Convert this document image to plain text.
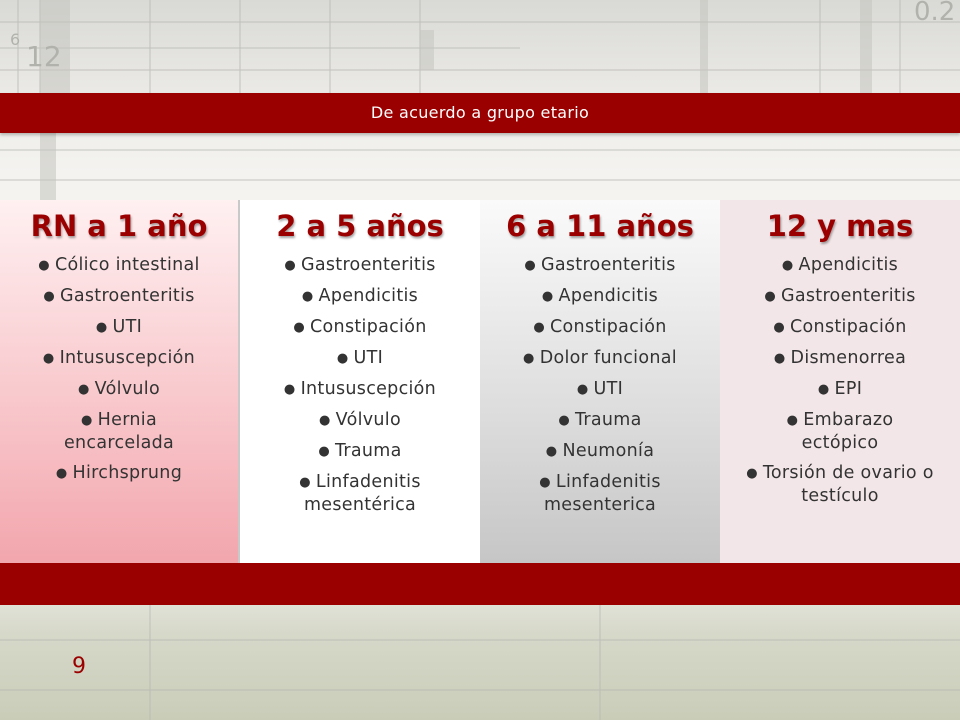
6
12
0.2
De acuerdo a grupo etario
RN a 1 año
● Cólico intestinal
● Gastroenteritis
● UTI
● Intususcepción
● Vólvulo
● Hernia encarcelada
● Hirchsprung
2 a 5 años
● Gastroenteritis
● Apendicitis
● Constipación
● UTI
● Intususcepción
● Vólvulo
● Trauma
● Linfadenitis mesentérica
6 a 11 años
● Gastroenteritis
● Apendicitis
● Constipación
● Dolor funcional
● UTI
● Trauma
● Neumonía
● Linfadenitis mesenterica
12 y mas
● Apendicitis
● Gastroenteritis
● Constipación
● Dismenorrea
● EPI
● Embarazo ectópico
● Torsión de ovario o testículo
9
